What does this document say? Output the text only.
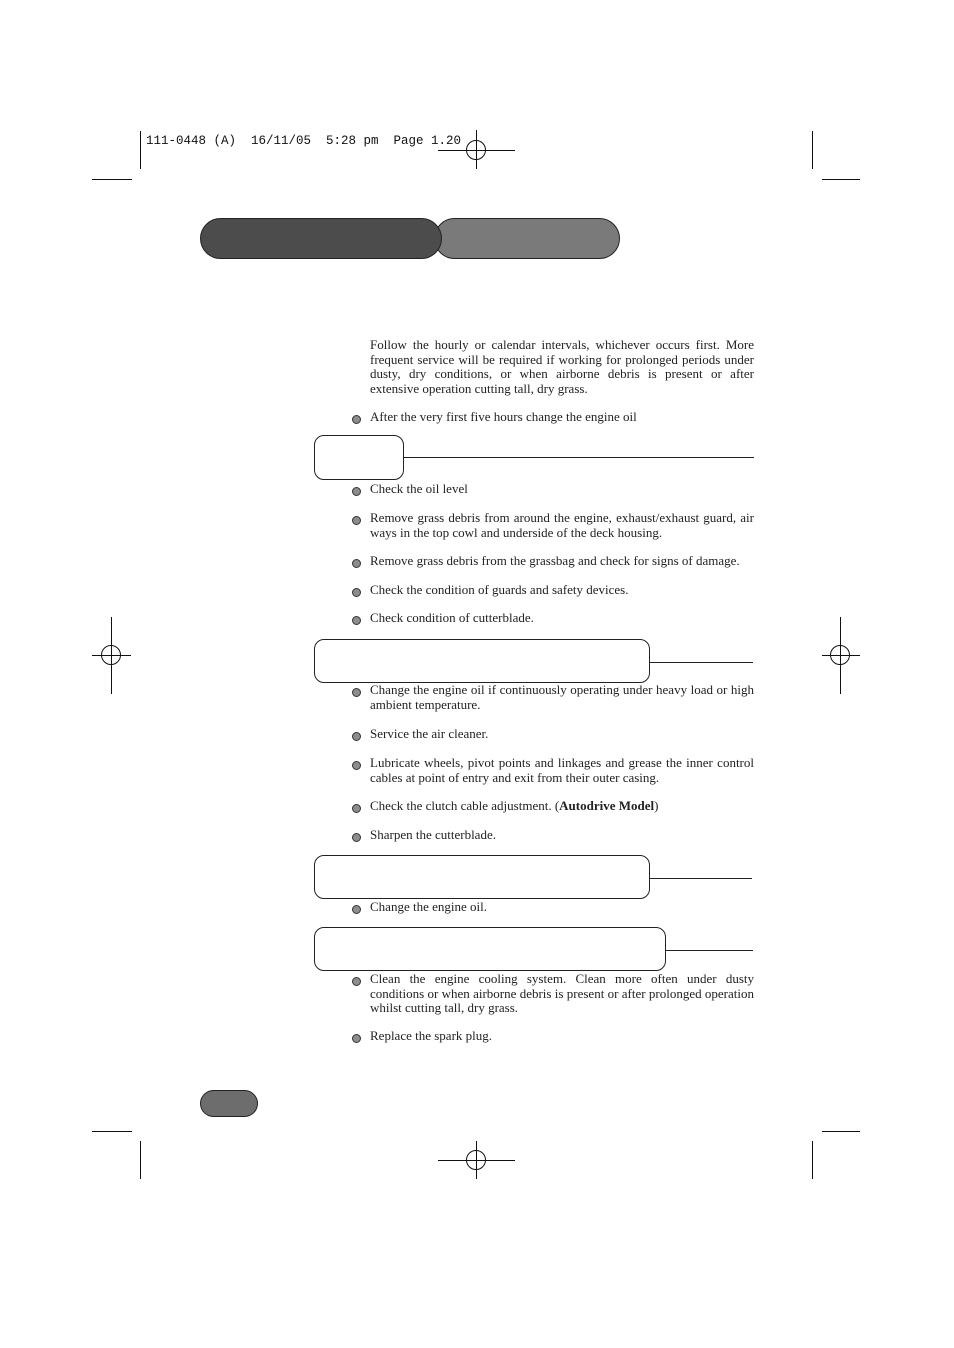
111-0448 (A)  16/11/05  5:28 pm  Page 1.20
Follow the hourly or calendar intervals, whichever occurs first. More frequent service will be required if working for prolonged periods under dusty, dry conditions, or when airborne debris is present or after extensive operation cutting tall, dry grass.
After the very first five hours change the engine oil
Check the oil level
Remove grass debris from around the engine, exhaust/exhaust guard, air ways in the top cowl and underside of the deck housing.
Remove grass debris from the grassbag and check for signs of damage.
Check the condition of guards and safety devices.
Check condition of cutterblade.
Change the engine oil if continuously operating under heavy load or high ambient temperature.
Service the air cleaner.
Lubricate wheels, pivot points and linkages and grease the inner control cables at point of entry and exit from their outer casing.
Check the clutch cable adjustment. (Autodrive Model)
Sharpen the cutterblade.
Change the engine oil.
Clean the engine cooling system. Clean more often under dusty conditions or when airborne debris is present or after prolonged operation whilst cutting tall, dry grass.
Replace the spark plug.
